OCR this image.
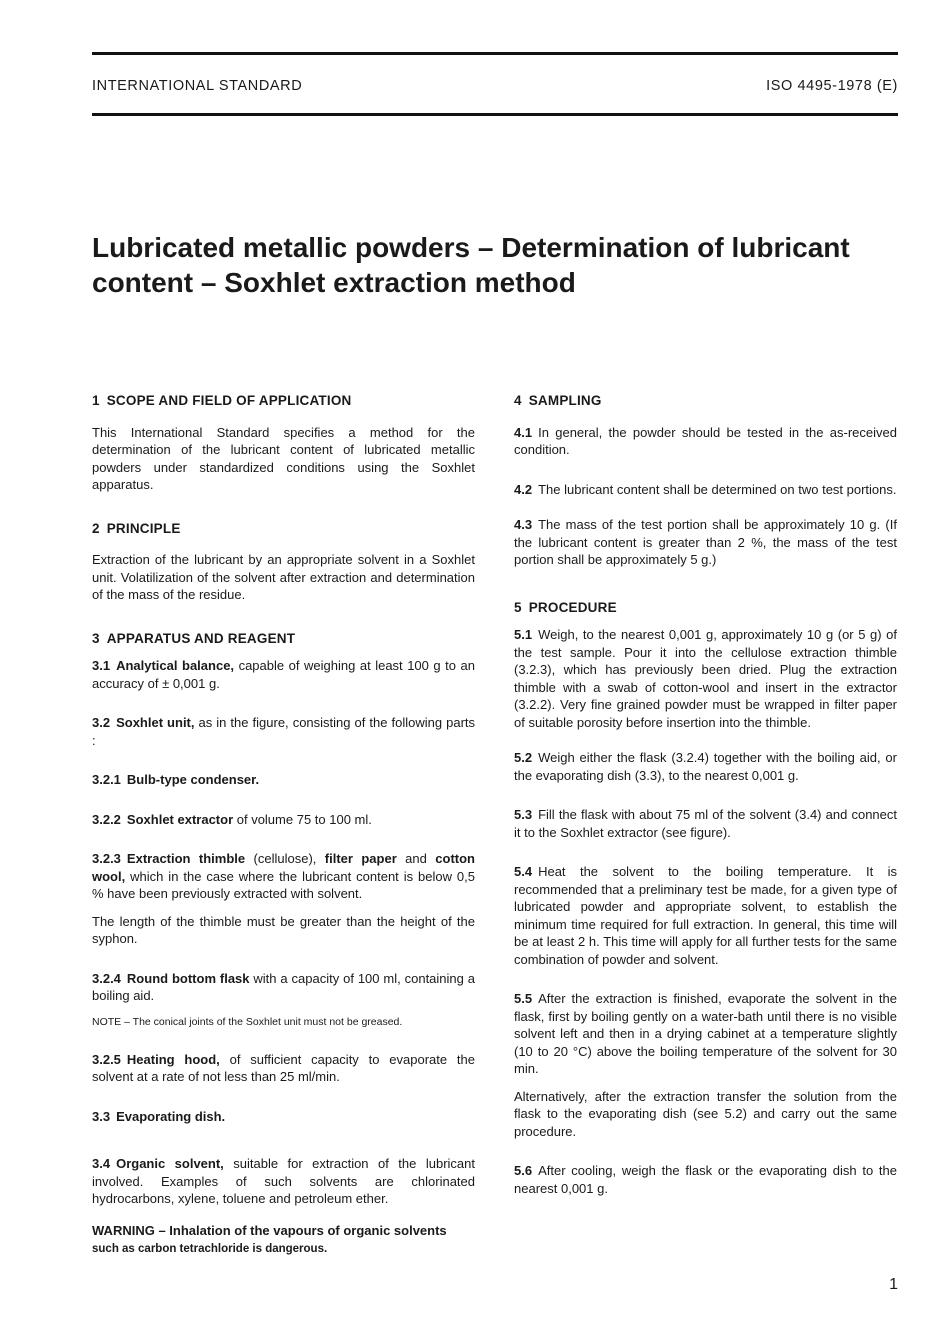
INTERNATIONAL STANDARD	ISO 4495-1978 (E)
Lubricated metallic powders – Determination of lubricant
content – Soxhlet extraction method
1 SCOPE AND FIELD OF APPLICATION

This International Standard specifies a method for the determination of the lubricant content of lubricated metallic powders under standardized conditions using the Soxhlet apparatus.

2 PRINCIPLE

Extraction of the lubricant by an appropriate solvent in a Soxhlet unit. Volatilization of the solvent after extraction and determination of the mass of the residue.

3 APPARATUS AND REAGENT

3.1 Analytical balance, capable of weighing at least 100 g to an accuracy of ± 0,001 g.

3.2 Soxhlet unit, as in the figure, consisting of the following parts :

3.2.1 Bulb-type condenser.

3.2.2 Soxhlet extractor of volume 75 to 100 ml.

3.2.3 Extraction thimble (cellulose), filter paper and cotton wool, which in the case where the lubricant content is below 0,5 % have been previously extracted with solvent.

The length of the thimble must be greater than the height of the syphon.

3.2.4 Round bottom flask with a capacity of 100 ml, containing a boiling aid.

NOTE – The conical joints of the Soxhlet unit must not be greased.

3.2.5 Heating hood, of sufficient capacity to evaporate the solvent at a rate of not less than 25 ml/min.

3.3 Evaporating dish.

3.4 Organic solvent, suitable for extraction of the lubricant involved. Examples of such solvents are chlorinated hydrocarbons, xylene, toluene and petroleum ether.

WARNING – Inhalation of the vapours of organic solvents
such as carbon tetrachloride is dangerous.

4 SAMPLING

4.1 In general, the powder should be tested in the as-received condition.

4.2 The lubricant content shall be determined on two test portions.

4.3 The mass of the test portion shall be approximately 10 g. (If the lubricant content is greater than 2 %, the mass of the test portion shall be approximately 5 g.)

5 PROCEDURE

5.1 Weigh, to the nearest 0,001 g, approximately 10 g (or 5 g) of the test sample. Pour it into the cellulose extraction thimble (3.2.3), which has previously been dried. Plug the extraction thimble with a swab of cotton-wool and insert in the extractor (3.2.2). Very fine grained powder must be wrapped in filter paper of suitable porosity before insertion into the thimble.

5.2 Weigh either the flask (3.2.4) together with the boiling aid, or the evaporating dish (3.3), to the nearest 0,001 g.

5.3 Fill the flask with about 75 ml of the solvent (3.4) and connect it to the Soxhlet extractor (see figure).

5.4 Heat the solvent to the boiling temperature. It is recommended that a preliminary test be made, for a given type of lubricated powder and appropriate solvent, to establish the minimum time required for full extraction. In general, this time will be at least 2 h. This time will apply for all further tests for the same combination of powder and solvent.

5.5 After the extraction is finished, evaporate the solvent in the flask, first by boiling gently on a water-bath until there is no visible solvent left and then in a drying cabinet at a temperature slightly (10 to 20 °C) above the boiling temperature of the solvent for 30 min.

Alternatively, after the extraction transfer the solution from the flask to the evaporating dish (see 5.2) and carry out the same procedure.

5.6 After cooling, weigh the flask or the evaporating dish to the nearest 0,001 g.

1
